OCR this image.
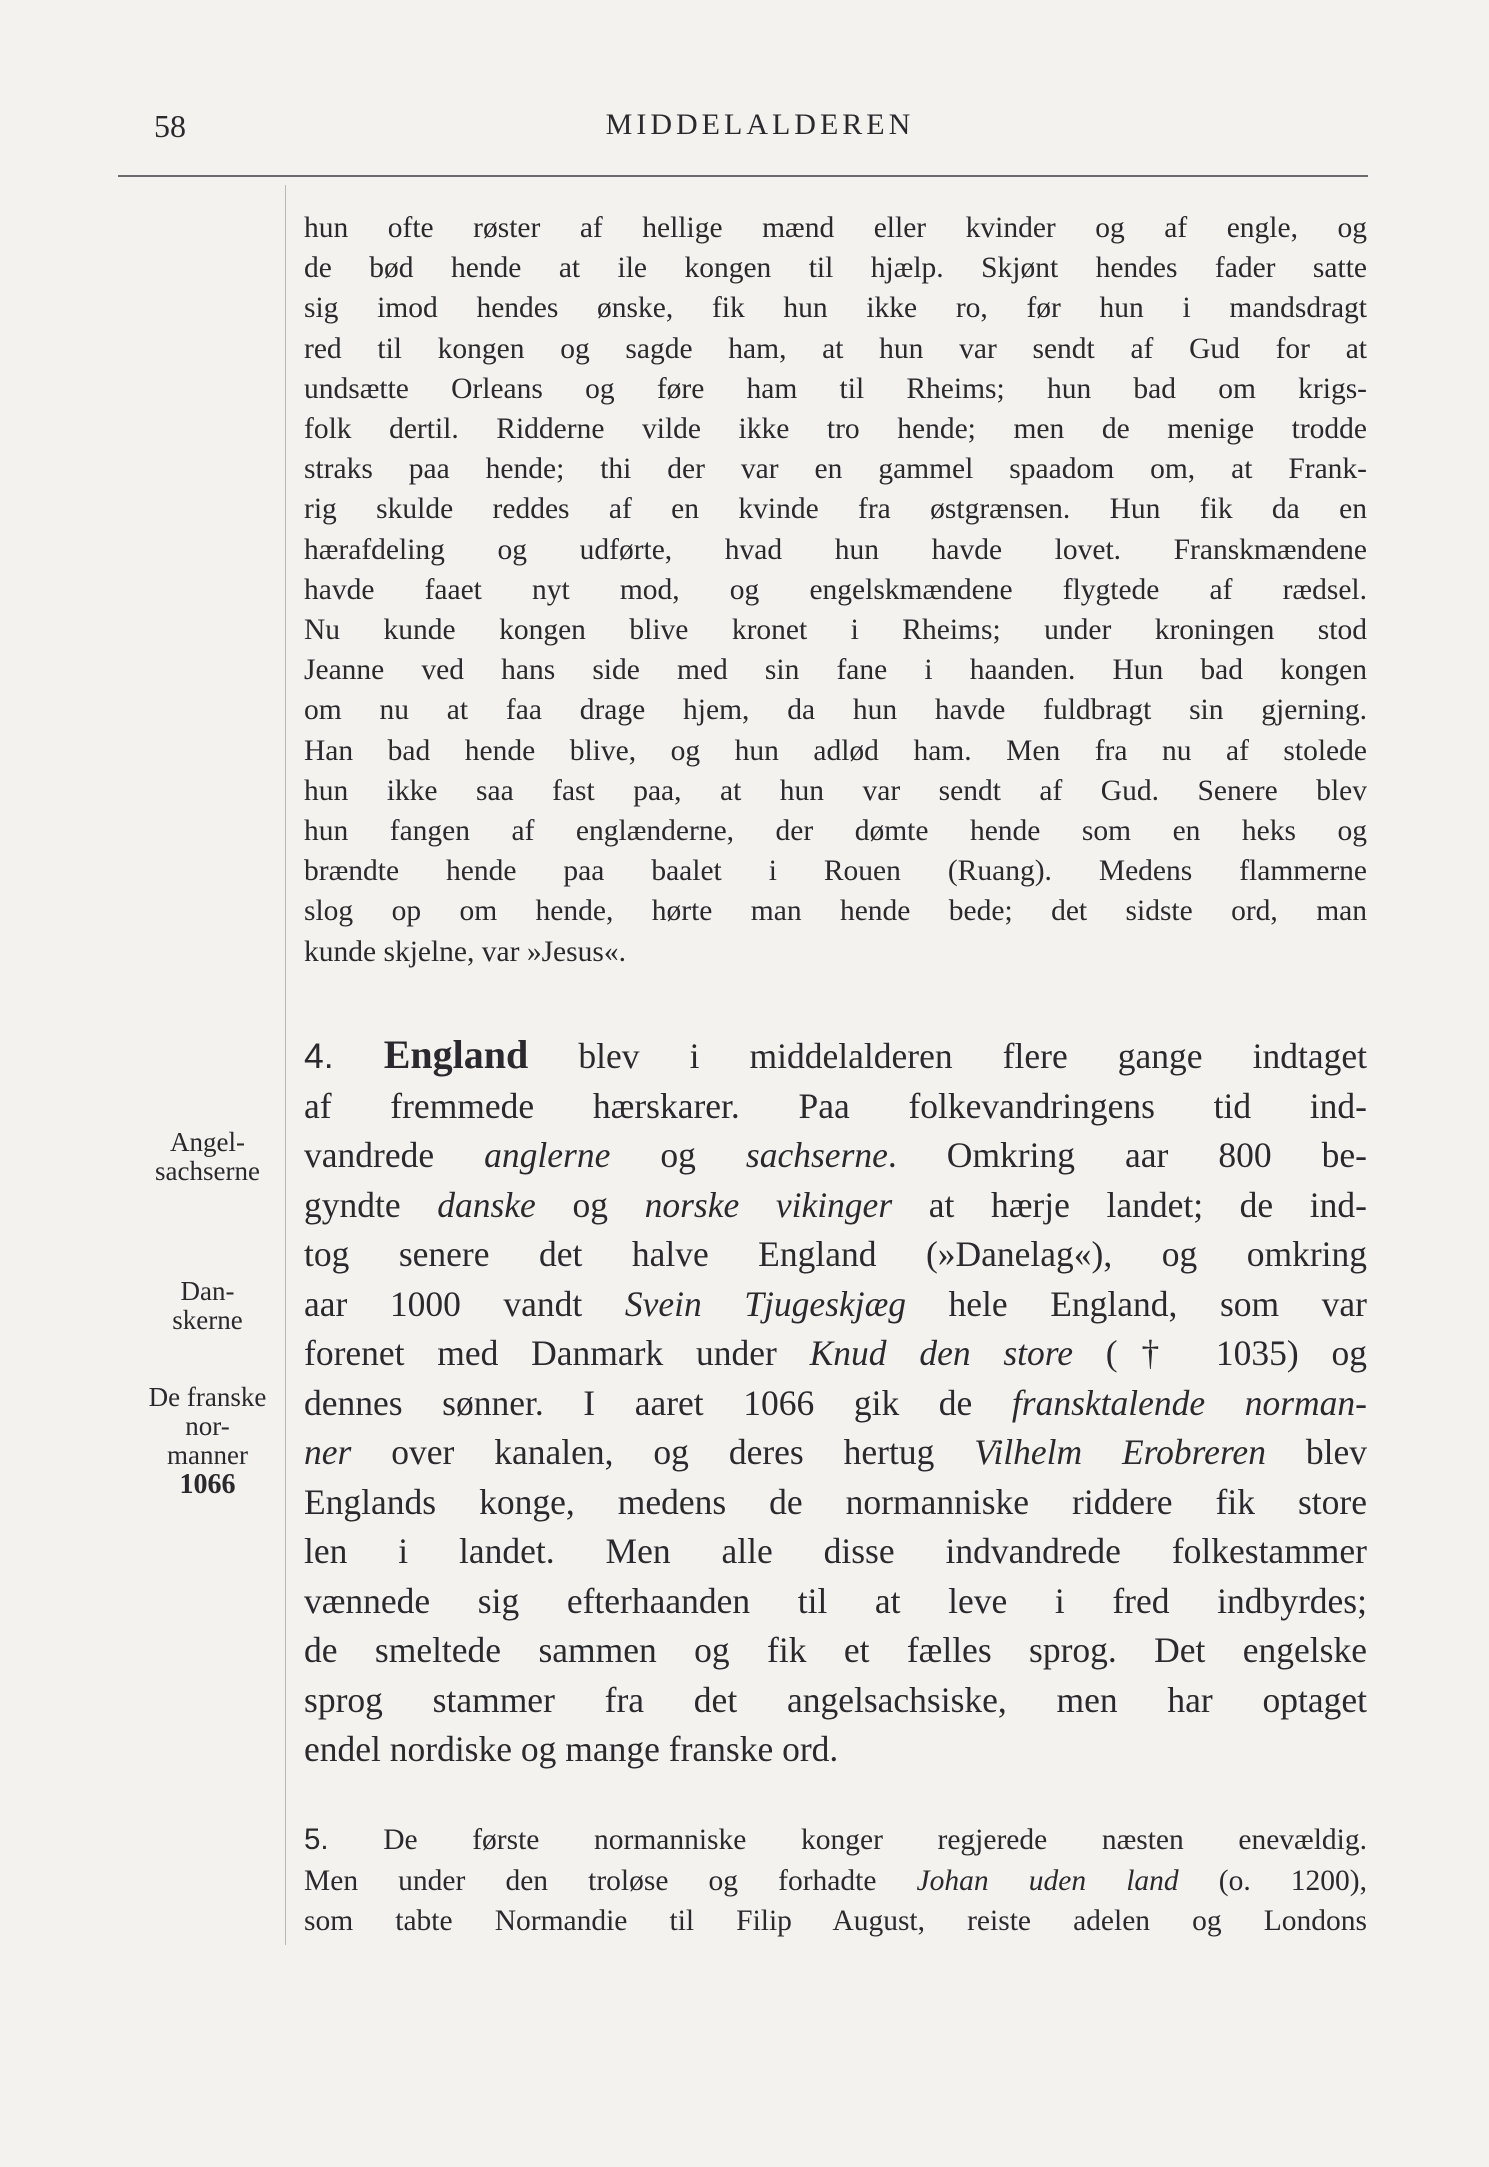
58	MIDDELALDEREN
hun ofte røster af hellige mænd eller kvinder og af engle, og
de bød hende at ile kongen til hjælp. Skjønt hendes fader satte
sig imod hendes ønske, fik hun ikke ro, før hun i mandsdragt
red til kongen og sagde ham, at hun var sendt af Gud for at
undsætte Orleans og føre ham til Rheims; hun bad om krigs-
folk dertil. Ridderne vilde ikke tro hende; men de menige trodde
straks paa hende; thi der var en gammel spaadom om, at Frank-
rig skulde reddes af en kvinde fra østgrænsen. Hun fik da en
hærafdeling og udførte, hvad hun havde lovet. Franskmændene
havde faaet nyt mod, og engelskmændene flygtede af rædsel.
Nu kunde kongen blive kronet i Rheims; under kroningen stod
Jeanne ved hans side med sin fane i haanden. Hun bad kongen
om nu at faa drage hjem, da hun havde fuldbragt sin gjerning.
Han bad hende blive, og hun adlød ham. Men fra nu af stolede
hun ikke saa fast paa, at hun var sendt af Gud. Senere blev
hun fangen af englænderne, der dømte hende som en heks og
brændte hende paa baalet i Rouen (Ruang). Medens flammerne
slog op om hende, hørte man hende bede; det sidste ord, man
kunde skjelne, var »Jesus«.
Angel-
sachserne
Dan-
skerne
De franske
nor-
manner
1066
4. England blev i middelalderen flere gange indtaget
af fremmede hærskarer. Paa folkevandringens tid ind-
vandrede anglerne og sachserne. Omkring aar 800 be-
gyndte danske og norske vikinger at hærje landet; de ind-
tog senere det halve England (»Danelag«), og omkring
aar 1000 vandt Svein Tjugeskjæg hele England, som var
forenet med Danmark under Knud den store († 1035) og
dennes sønner. I aaret 1066 gik de fransktalende norman-
ner over kanalen, og deres hertug Vilhelm Erobreren blev
Englands konge, medens de normanniske riddere fik store
len i landet. Men alle disse indvandrede folkestammer
vænnede sig efterhaanden til at leve i fred indbyrdes;
de smeltede sammen og fik et fælles sprog. Det engelske
sprog stammer fra det angelsachsiske, men har optaget
endel nordiske og mange franske ord.
5. De første normanniske konger regjerede næsten enevældig.
Men under den troløse og forhadte Johan uden land (o. 1200),
som tabte Normandie til Filip August, reiste adelen og Londons
